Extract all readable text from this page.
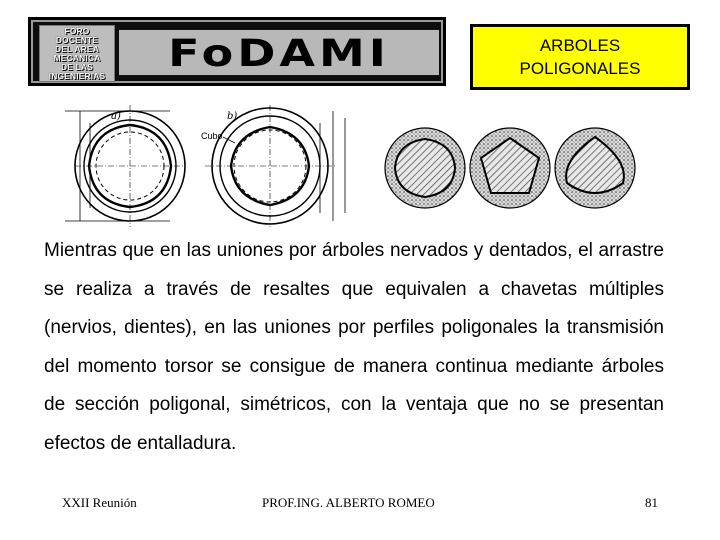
FORO
DOCENTE
DEL AREA
MECANICA
DE LAS
INGENIERIAS
FoDAMI	ARBOLES
POLIGONALES
a)	b)
Cubo

Mientras que en las uniones por árboles nervados y dentados, el arrastre se realiza a través de resaltes que equivalen a chavetas múltiples (nervios, dientes), en las uniones por perfiles poligonales la transmisión del momento torsor se consigue de manera continua mediante árboles de sección poligonal, simétricos, con la ventaja que no se presentan efectos de entalladura.

XXII Reunión	PROF.ING. ALBERTO ROMEO	81
